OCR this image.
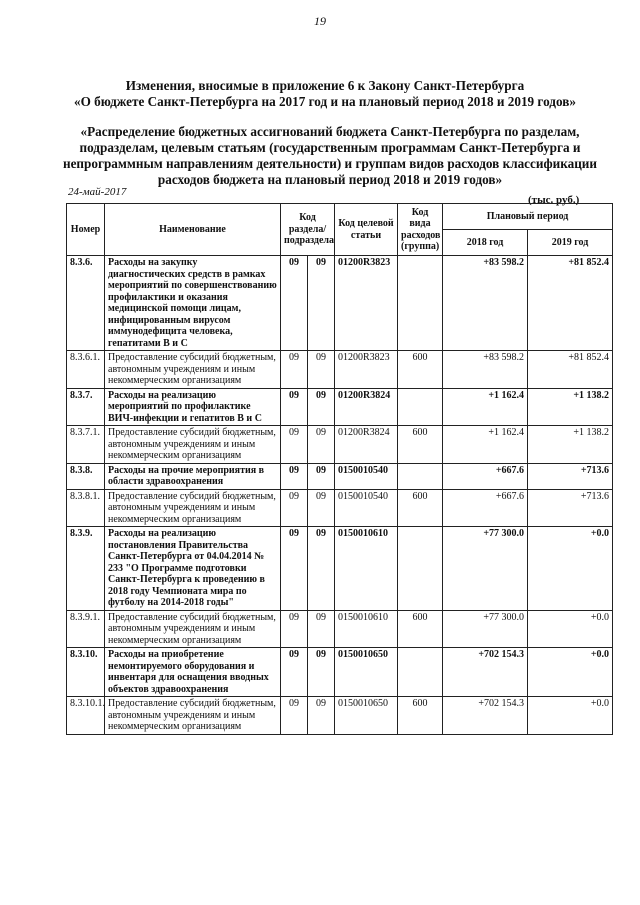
19
Изменения, вносимые в приложение 6 к Закону Санкт-Петербурга
«О бюджете Санкт-Петербурга на 2017 год и на плановый период 2018 и 2019 годов»
«Распределение бюджетных ассигнований бюджета Санкт-Петербурга по разделам, подразделам, целевым статьям (государственным программам Санкт-Петербурга и непрограммным направлениям деятельности) и группам видов расходов классификации расходов бюджета на плановый период 2018 и 2019 годов»
24-май-2017
(тыс. руб.)
Номер	Наименование	Код раздела/ подраздела		Код целевой статьи	Код вида расходов (группа)	Плановый период	
						2018 год	2019 год
8.3.6.	Расходы на закупку диагностических средств в рамках мероприятий по совершенствованию профилактики и оказания медицинской помощи лицам, инфицированным вирусом иммунодефицита человека, гепатитами В и С	09	09	01200R3823		+83 598.2	+81 852.4
8.3.6.1.	Предоставление субсидий бюджетным, автономным учреждениям и иным некоммерческим организациям	09	09	01200R3823	600	+83 598.2	+81 852.4
8.3.7.	Расходы на реализацию мероприятий по профилактике ВИЧ-инфекции и гепатитов В и С	09	09	01200R3824		+1 162.4	+1 138.2
8.3.7.1.	Предоставление субсидий бюджетным, автономным учреждениям и иным некоммерческим организациям	09	09	01200R3824	600	+1 162.4	+1 138.2
8.3.8.	Расходы на прочие мероприятия в области здравоохранения	09	09	0150010540		+667.6	+713.6
8.3.8.1.	Предоставление субсидий бюджетным, автономным учреждениям и иным некоммерческим организациям	09	09	0150010540	600	+667.6	+713.6
8.3.9.	Расходы на реализацию постановления Правительства Санкт-Петербурга от 04.04.2014 № 233 "О Программе подготовки Санкт-Петербурга к проведению в 2018 году Чемпионата мира по футболу на 2014-2018 годы"	09	09	0150010610		+77 300.0	+0.0
8.3.9.1.	Предоставление субсидий бюджетным, автономным учреждениям и иным некоммерческим организациям	09	09	0150010610	600	+77 300.0	+0.0
8.3.10.	Расходы на приобретение немонтируемого оборудования и инвентаря для оснащения вводных объектов здравоохранения	09	09	0150010650		+702 154.3	+0.0
8.3.10.1.	Предоставление субсидий бюджетным, автономным учреждениям и иным некоммерческим организациям	09	09	0150010650	600	+702 154.3	+0.0
